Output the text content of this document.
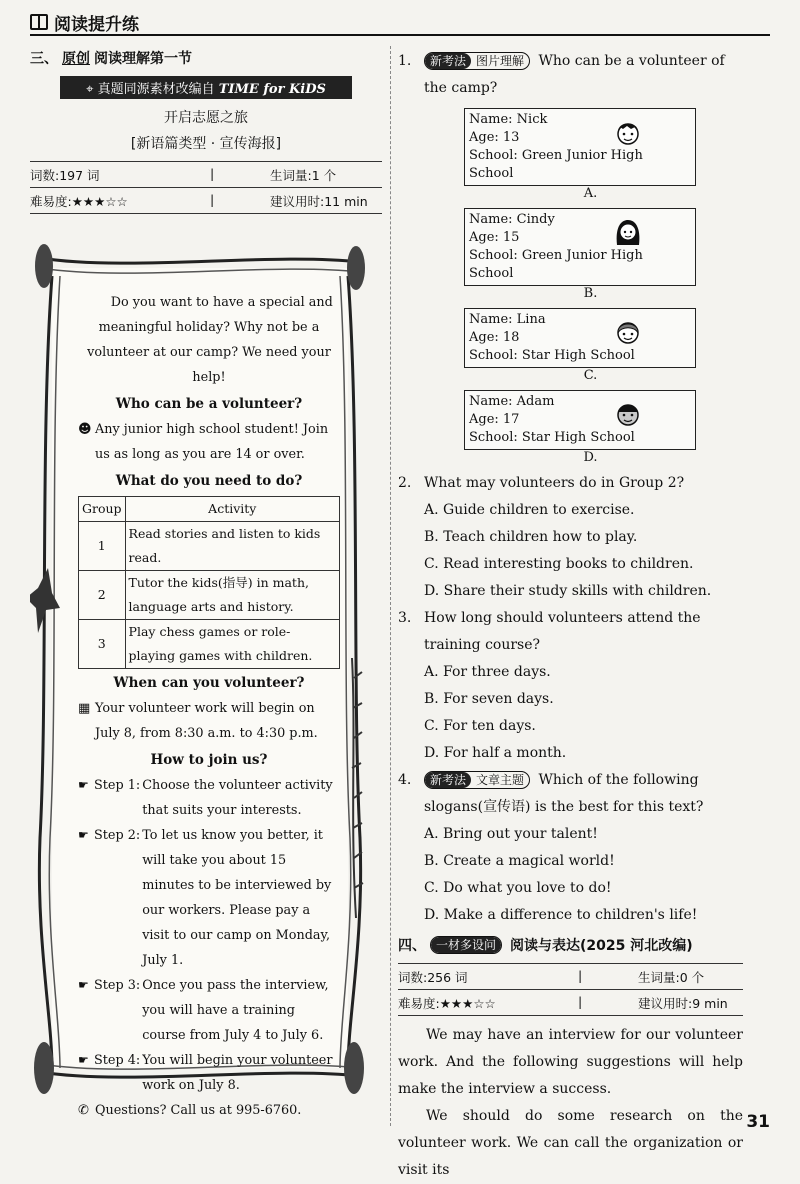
阅读提升练
三、 原创 阅读理解第一节
⌖ 真题同源素材改编自 TIME for KiDS
开启志愿之旅
[新语篇类型 · 宣传海报]
词数:197 词	|	生词量:1 个
难易度:★★★☆☆	|	建议用时:11 min

Do you want to have a special and meaningful holiday? Why not be a volunteer at our camp? We need your help!

Who can be a volunteer?
☻ Any junior high school student! Join us as long as you are 14 or over.
What do you need to do?
Group	Activity
1	Read stories and listen to kids read.
2	Tutor the kids(指导) in math, language arts and history.
3	Play chess games or role-playing games with children.
When can you volunteer?
▦ Your volunteer work will begin on July 8, from 8:30 a.m. to 4:30 p.m.
How to join us?
☛ Step 1: Choose the volunteer activity that suits your interests.
☛ Step 2: To let us know you better, it will take you about 15 minutes to be interviewed by our workers. Please pay a visit to our camp on Monday, July 1.
☛ Step 3: Once you pass the interview, you will have a training course from July 4 to July 6.
☛ Step 4: You will begin your volunteer work on July 8.
✆ Questions? Call us at 995-6760.
1.	新考法 图片理解	Who can be a volunteer of the camp?
Name: Nick
Age: 13
School: Green Junior High School
A.
Name: Cindy
Age: 15
School: Green Junior High School
B.
Name: Lina
Age: 18
School: Star High School
C.
Name: Adam
Age: 17
School: Star High School
D.
2. What may volunteers do in Group 2?
A. Guide children to exercise.
B. Teach children how to play.
C. Read interesting books to children.
D. Share their study skills with children.
3. How long should volunteers attend the training course?
A. For three days.
B. For seven days.
C. For ten days.
D. For half a month.
4.	新考法 文章主题	Which of the following slogans(宣传语) is the best for this text?
A. Bring out your talent!
B. Create a magical world!
C. Do what you love to do!
D. Make a difference to children's life!
四、 一材多设问	阅读与表达(2025 河北改编)
词数:256 词	|	生词量:0 个
难易度:★★★☆☆	|	建议用时:9 min

We may have an interview for our volunteer work. And the following suggestions will help make the interview a success.

We should do some research on the volunteer work. We can call the organization or visit its

31
